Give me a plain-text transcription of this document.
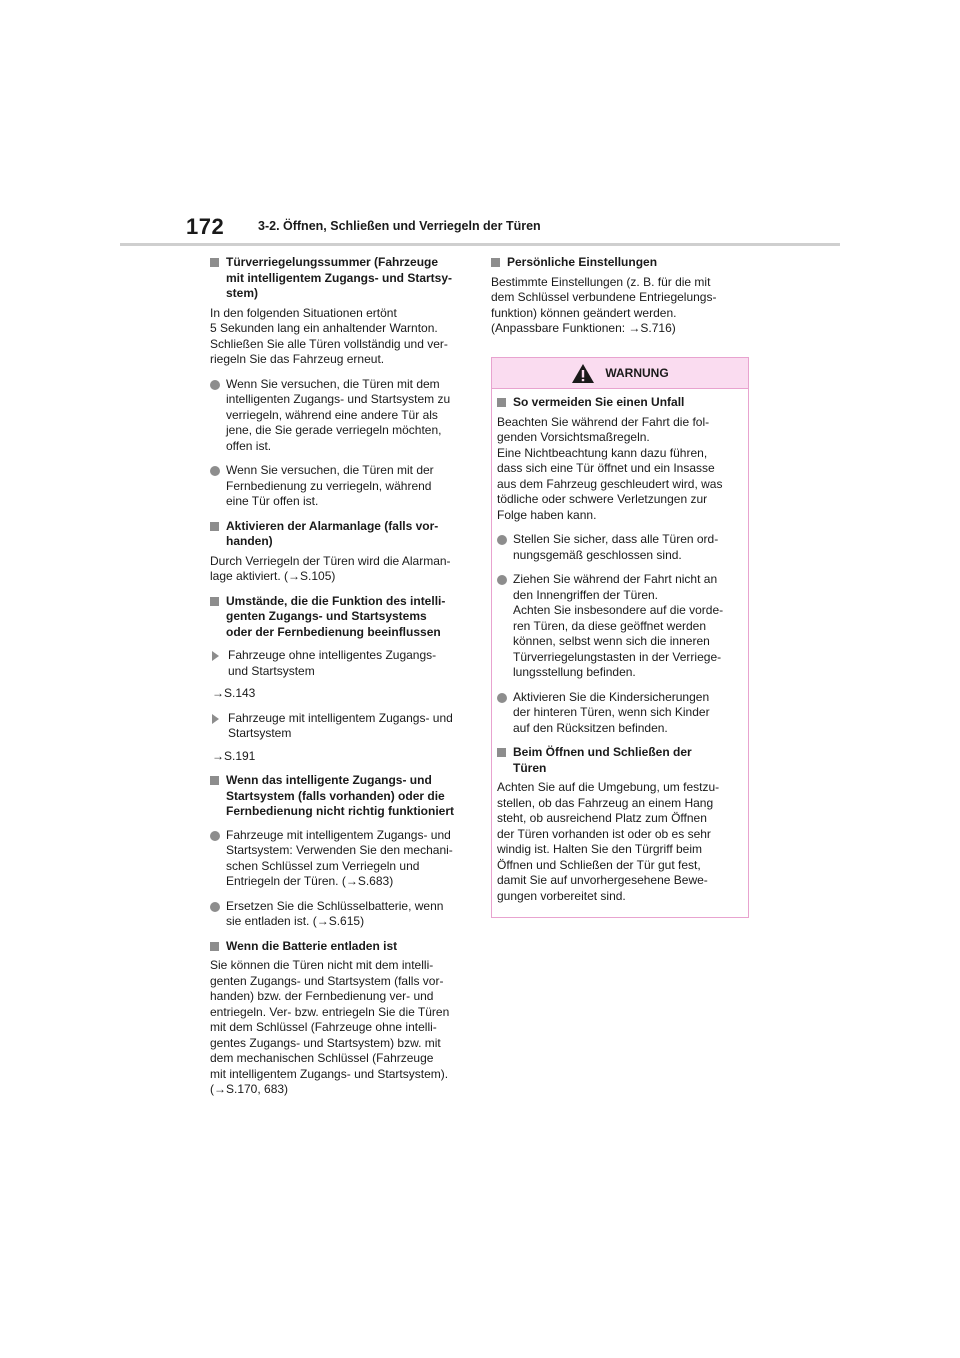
172	3-2. Öffnen, Schließen und Verriegeln der Türen
Türverriegelungssummer (Fahrzeuge
mit intelligentem Zugangs- und Startsy-
stem)
In den folgenden Situationen ertönt
5 Sekunden lang ein anhaltender Warnton.
Schließen Sie alle Türen vollständig und ver-
riegeln Sie das Fahrzeug erneut.
Wenn Sie versuchen, die Türen mit dem
intelligenten Zugangs- und Startsystem zu
verriegeln, während eine andere Tür als
jene, die Sie gerade verriegeln möchten,
offen ist.
Wenn Sie versuchen, die Türen mit der
Fernbedienung zu verriegeln, während
eine Tür offen ist.
Aktivieren der Alarmanlage (falls vor-
handen)
Durch Verriegeln der Türen wird die Alarman-
lage aktiviert. (→S.105)
Umstände, die die Funktion des intelli-
genten Zugangs- und Startsystems
oder der Fernbedienung beeinflussen
Fahrzeuge ohne intelligentes Zugangs-
und Startsystem
→S.143
Fahrzeuge mit intelligentem Zugangs- und
Startsystem
→S.191
Wenn das intelligente Zugangs- und
Startsystem (falls vorhanden) oder die
Fernbedienung nicht richtig funktioniert
Fahrzeuge mit intelligentem Zugangs- und
Startsystem: Verwenden Sie den mechani-
schen Schlüssel zum Verriegeln und
Entriegeln der Türen. (→S.683)
Ersetzen Sie die Schlüsselbatterie, wenn
sie entladen ist. (→S.615)
Wenn die Batterie entladen ist
Sie können die Türen nicht mit dem intelli-
genten Zugangs- und Startsystem (falls vor-
handen) bzw. der Fernbedienung ver- und
entriegeln. Ver- bzw. entriegeln Sie die Türen
mit dem Schlüssel (Fahrzeuge ohne intelli-
gentes Zugangs- und Startsystem) bzw. mit
dem mechanischen Schlüssel (Fahrzeuge
mit intelligentem Zugangs- und Startsystem).
(→S.170, 683)
Persönliche Einstellungen
Bestimmte Einstellungen (z. B. für die mit
dem Schlüssel verbundene Entriegelungs-
funktion) können geändert werden.
(Anpassbare Funktionen: →S.716)
WARNUNG
So vermeiden Sie einen Unfall
Beachten Sie während der Fahrt die fol-
genden Vorsichtsmaßregeln.
Eine Nichtbeachtung kann dazu führen,
dass sich eine Tür öffnet und ein Insasse
aus dem Fahrzeug geschleudert wird, was
tödliche oder schwere Verletzungen zur
Folge haben kann.
Stellen Sie sicher, dass alle Türen ord-
nungsgemäß geschlossen sind.
Ziehen Sie während der Fahrt nicht an
den Innengriffen der Türen.
Achten Sie insbesondere auf die vorde-
ren Türen, da diese geöffnet werden
können, selbst wenn sich die inneren
Türverriegelungstasten in der Verriege-
lungsstellung befinden.
Aktivieren Sie die Kindersicherungen
der hinteren Türen, wenn sich Kinder
auf den Rücksitzen befinden.
Beim Öffnen und Schließen der
Türen
Achten Sie auf die Umgebung, um festzu-
stellen, ob das Fahrzeug an einem Hang
steht, ob ausreichend Platz zum Öffnen
der Türen vorhanden ist oder ob es sehr
windig ist. Halten Sie den Türgriff beim
Öffnen und Schließen der Tür gut fest,
damit Sie auf unvorhergesehene Bewe-
gungen vorbereitet sind.
